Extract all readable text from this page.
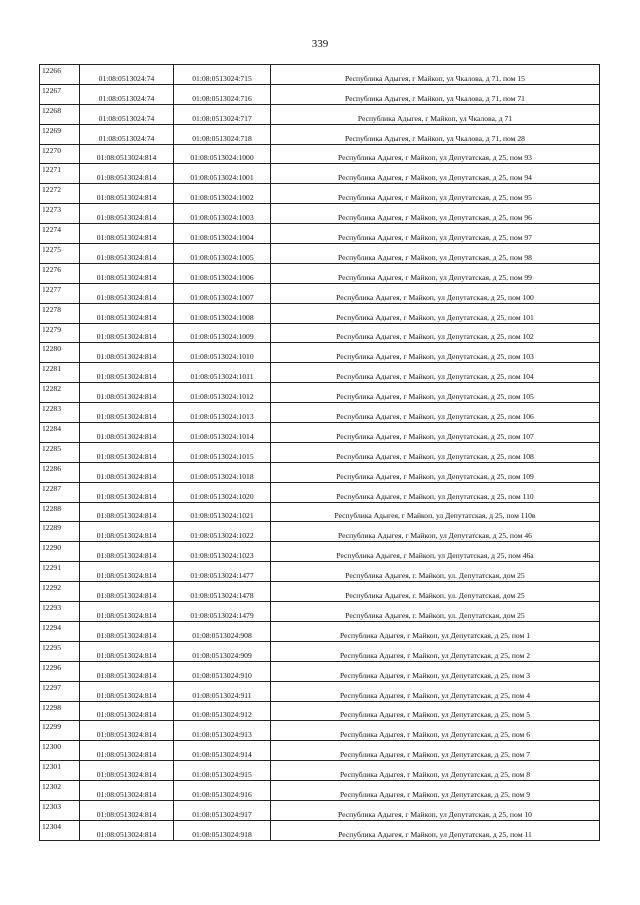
339
12266	01:08:0513024:74	01:08:0513024:715	Республика Адыгея, г Майкоп, ул Чкалова, д 71, пом 15
12267	01:08:0513024:74	01:08:0513024:716	Республика Адыгея, г Майкоп, ул Чкалова, д 71, пом 71
12268	01:08:0513024:74	01:08:0513024:717	Республика Адыгея, г Майкоп, ул Чкалова, д 71
12269	01:08:0513024:74	01:08:0513024:718	Республика Адыгея, г Майкоп, ул Чкалова, д 71, пом 28
12270	01:08:0513024:814	01:08:0513024:1000	Республика Адыгея, г Майкоп, ул Депутатская, д 25, пом 93
12271	01:08:0513024:814	01:08:0513024:1001	Республика Адыгея, г Майкоп, ул Депутатская, д 25, пом 94
12272	01:08:0513024:814	01:08:0513024:1002	Республика Адыгея, г Майкоп, ул Депутатская, д 25, пом 95
12273	01:08:0513024:814	01:08:0513024:1003	Республика Адыгея, г Майкоп, ул Депутатская, д 25, пом 96
12274	01:08:0513024:814	01:08:0513024:1004	Республика Адыгея, г Майкоп, ул Депутатская, д 25, пом 97
12275	01:08:0513024:814	01:08:0513024:1005	Республика Адыгея, г Майкоп, ул Депутатская, д 25, пом 98
12276	01:08:0513024:814	01:08:0513024:1006	Республика Адыгея, г Майкоп, ул Депутатская, д 25, пом 99
12277	01:08:0513024:814	01:08:0513024:1007	Республика Адыгея, г Майкоп, ул Депутатская, д 25, пом 100
12278	01:08:0513024:814	01:08:0513024:1008	Республика Адыгея, г Майкоп, ул Депутатская, д 25, пом 101
12279	01:08:0513024:814	01:08:0513024:1009	Республика Адыгея, г Майкоп, ул Депутатская, д 25, пом 102
12280	01:08:0513024:814	01:08:0513024:1010	Республика Адыгея, г Майкоп, ул Депутатская, д 25, пом 103
12281	01:08:0513024:814	01:08:0513024:1011	Республика Адыгея, г Майкоп, ул Депутатская, д 25, пом 104
12282	01:08:0513024:814	01:08:0513024:1012	Республика Адыгея, г Майкоп, ул Депутатская, д 25, пом 105
12283	01:08:0513024:814	01:08:0513024:1013	Республика Адыгея, г Майкоп, ул Депутатская, д 25, пом 106
12284	01:08:0513024:814	01:08:0513024:1014	Республика Адыгея, г Майкоп, ул Депутатская, д 25, пом 107
12285	01:08:0513024:814	01:08:0513024:1015	Республика Адыгея, г Майкоп, ул Депутатская, д 25, пом 108
12286	01:08:0513024:814	01:08:0513024:1018	Республика Адыгея, г Майкоп, ул Депутатская, д 25, пом 109
12287	01:08:0513024:814	01:08:0513024:1020	Республика Адыгея, г Майкоп, ул Депутатская, д 25, пом 110
12288	01:08:0513024:814	01:08:0513024:1021	Республика Адыгея, г Майкоп, ул Депутатская, д 25, пом 110в
12289	01:08:0513024:814	01:08:0513024:1022	Республика Адыгея, г Майкоп, ул Депутатская, д 25, пом 46
12290	01:08:0513024:814	01:08:0513024:1023	Республика Адыгея, г Майкоп, ул Депутатская, д 25, пом 46а
12291	01:08:0513024:814	01:08:0513024:1477	Республика Адыгея, г. Майкоп, ул. Депутатская, дом 25
12292	01:08:0513024:814	01:08:0513024:1478	Республика Адыгея, г. Майкоп, ул. Депутатская, дом 25
12293	01:08:0513024:814	01:08:0513024:1479	Республика Адыгея, г. Майкоп, ул. Депутатская, дом 25
12294	01:08:0513024:814	01:08:0513024:908	Республика Адыгея, г Майкоп, ул Депутатская, д 25, пом 1
12295	01:08:0513024:814	01:08:0513024:909	Республика Адыгея, г Майкоп, ул Депутатская, д 25, пом 2
12296	01:08:0513024:814	01:08:0513024:910	Республика Адыгея, г Майкоп, ул Депутатская, д 25, пом 3
12297	01:08:0513024:814	01:08:0513024:911	Республика Адыгея, г Майкоп, ул Депутатская, д 25, пом 4
12298	01:08:0513024:814	01:08:0513024:912	Республика Адыгея, г Майкоп, ул Депутатская, д 25, пом 5
12299	01:08:0513024:814	01:08:0513024:913	Республика Адыгея, г Майкоп, ул Депутатская, д 25, пом 6
12300	01:08:0513024:814	01:08:0513024:914	Республика Адыгея, г Майкоп, ул Депутатская, д 25, пом 7
12301	01:08:0513024:814	01:08:0513024:915	Республика Адыгея, г Майкоп, ул Депутатская, д 25, пом 8
12302	01:08:0513024:814	01:08:0513024:916	Республика Адыгея, г Майкоп, ул Депутатская, д 25, пом 9
12303	01:08:0513024:814	01:08:0513024:917	Республика Адыгея, г Майкоп, ул Депутатская, д 25, пом 10
12304	01:08:0513024:814	01:08:0513024:918	Республика Адыгея, г Майкоп, ул Депутатская, д 25, пом 11
